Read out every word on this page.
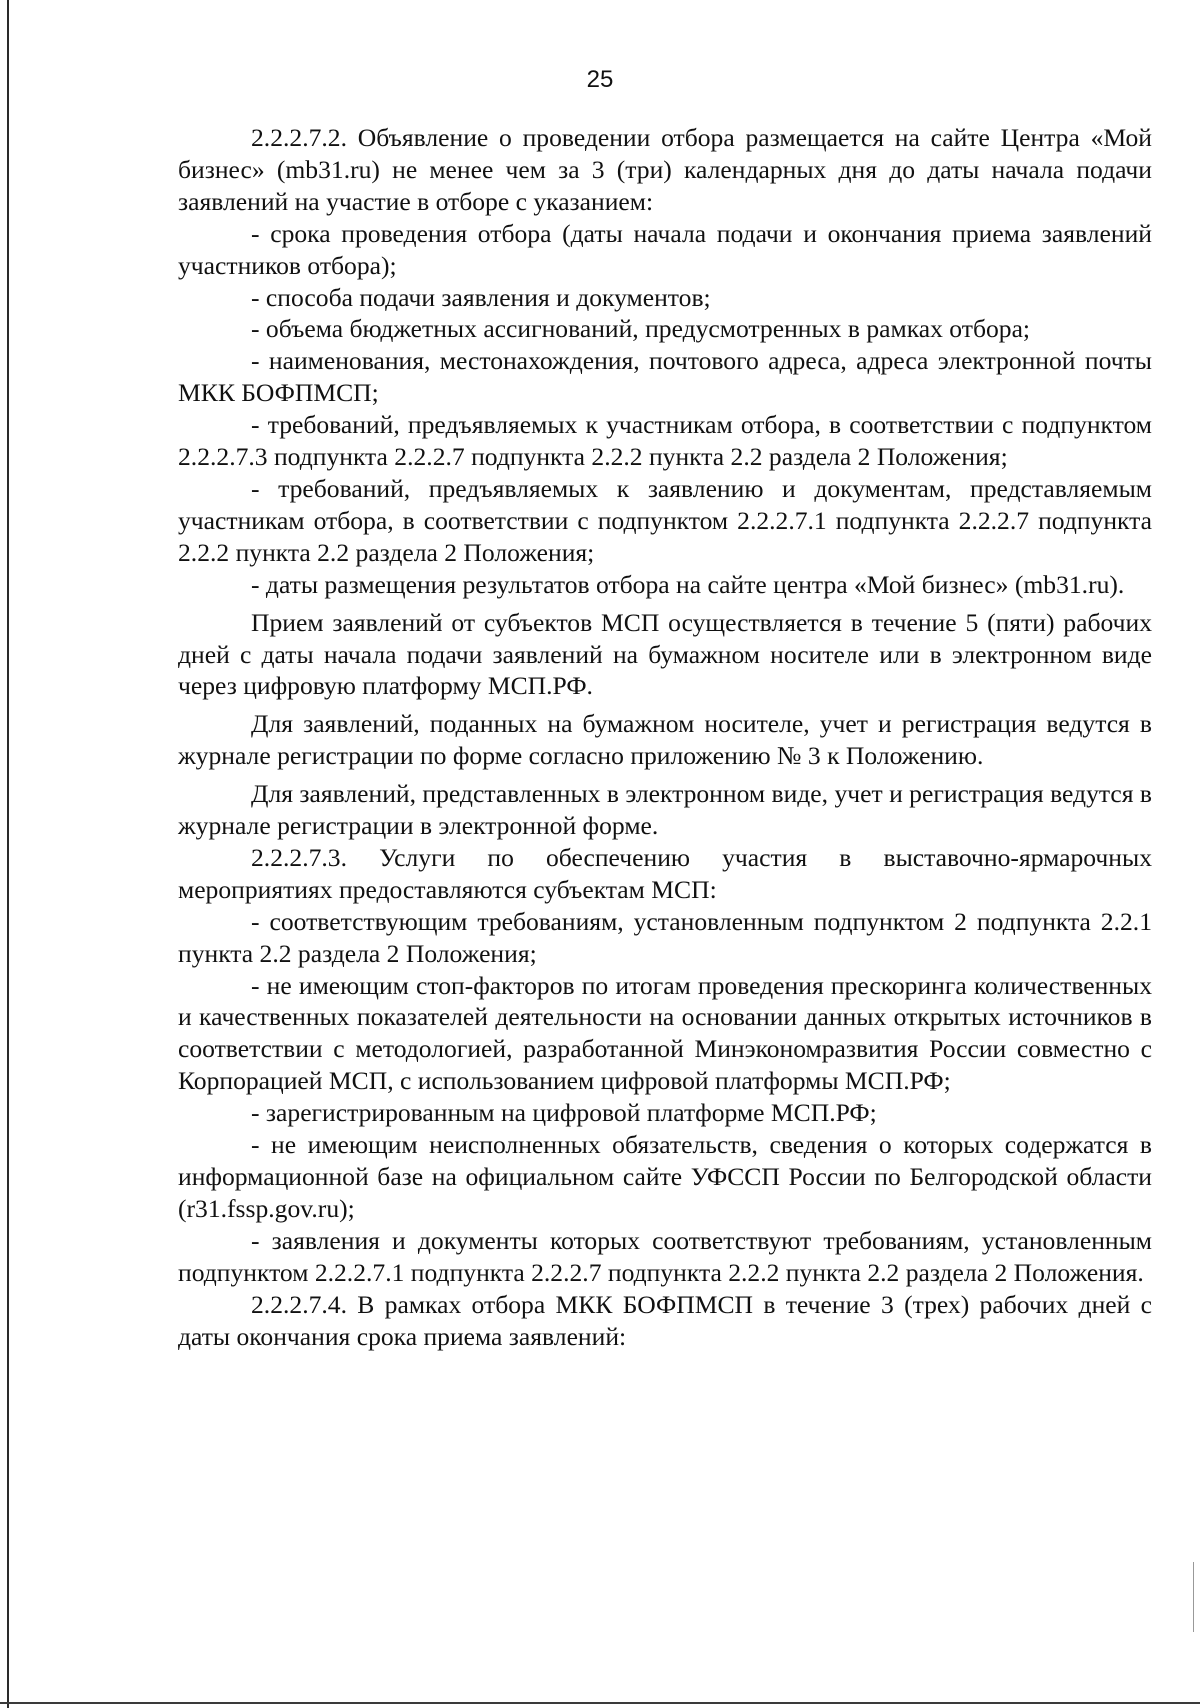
25

2.2.2.7.2. Объявление о проведении отбора размещается на сайте Центра «Мой бизнес» (mb31.ru) не менее чем за 3 (три) календарных дня до даты начала подачи заявлений на участие в отборе с указанием:

- срока проведения отбора (даты начала подачи и окончания приема заявлений участников отбора);

- способа подачи заявления и документов;

- объема бюджетных ассигнований, предусмотренных в рамках отбора;

- наименования, местонахождения, почтового адреса, адреса электронной почты МКК БОФПМСП;

- требований, предъявляемых к участникам отбора, в соответствии с подпунктом 2.2.2.7.3 подпункта 2.2.2.7 подпункта 2.2.2 пункта 2.2 раздела 2 Положения;

- требований, предъявляемых к заявлению и документам, представляемым участникам отбора, в соответствии с подпунктом 2.2.2.7.1 подпункта 2.2.2.7 подпункта 2.2.2 пункта 2.2 раздела 2 Положения;

- даты размещения результатов отбора на сайте центра «Мой бизнес» (mb31.ru).

Прием заявлений от субъектов МСП осуществляется в течение 5 (пяти) рабочих дней с даты начала подачи заявлений на бумажном носителе или в электронном виде через цифровую платформу МСП.РФ.

Для заявлений, поданных на бумажном носителе, учет и регистрация ведутся в журнале регистрации по форме согласно приложению № 3 к Положению.

Для заявлений, представленных в электронном виде, учет и регистрация ведутся в журнале регистрации в электронной форме.

2.2.2.7.3. Услуги по обеспечению участия в выставочно-ярмарочных мероприятиях предоставляются субъектам МСП:

- соответствующим требованиям, установленным подпунктом 2 подпункта 2.2.1 пункта 2.2 раздела 2 Положения;

- не имеющим стоп-факторов по итогам проведения прескоринга количественных и качественных показателей деятельности на основании данных открытых источников в соответствии с методологией, разработанной Минэкономразвития России совместно с Корпорацией МСП, с использованием цифровой платформы МСП.РФ;

- зарегистрированным на цифровой платформе МСП.РФ;

- не имеющим неисполненных обязательств, сведения о которых содержатся в информационной базе на официальном сайте УФССП России по Белгородской области (r31.fssp.gov.ru);

- заявления и документы которых соответствуют требованиям, установленным подпунктом 2.2.2.7.1 подпункта 2.2.2.7 подпункта 2.2.2 пункта 2.2 раздела 2 Положения.

2.2.2.7.4. В рамках отбора МКК БОФПМСП в течение 3 (трех) рабочих дней с даты окончания срока приема заявлений:
